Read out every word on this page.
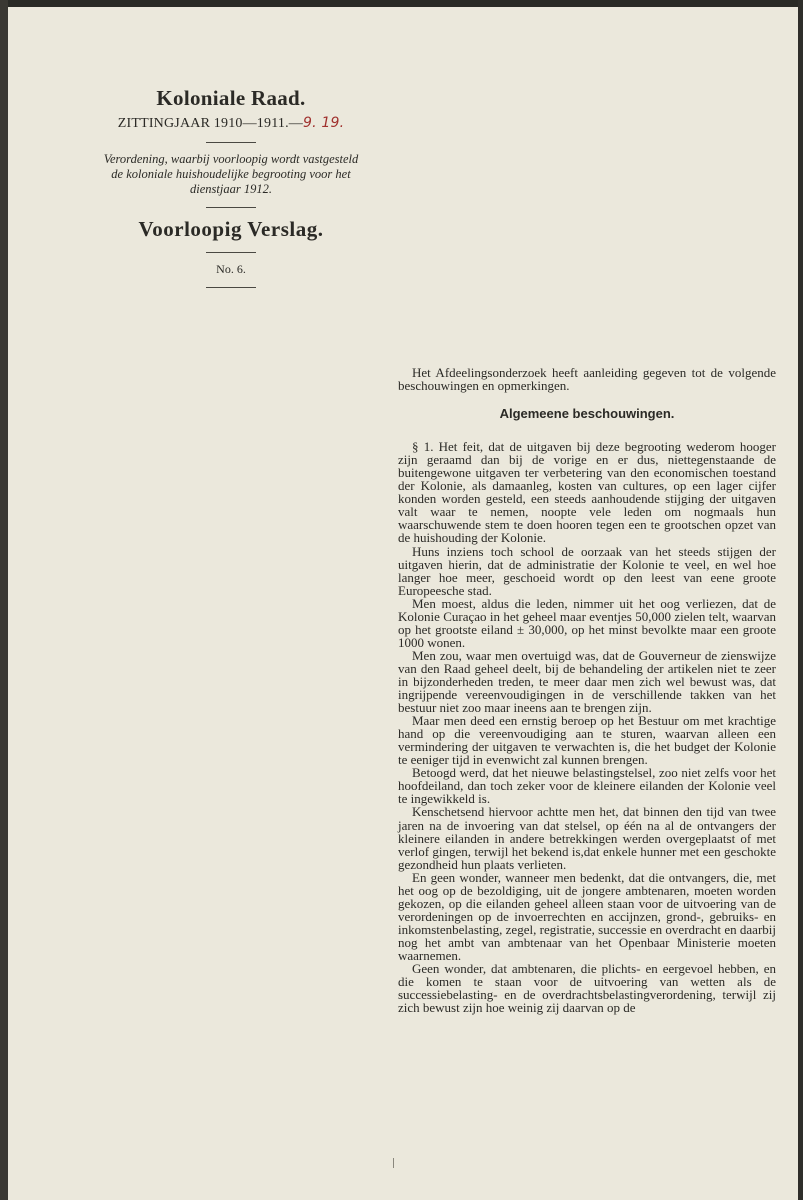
Koloniale Raad.
ZITTINGJAAR 1910—1911.—9. 19.
Verordening, waarbij voorloopig wordt vastgesteld de koloniale huishoudelijke begrooting voor het dienstjaar 1912.
Voorloopig Verslag.
No. 6.

Het Afdeelingsonderzoek heeft aanleiding gegeven tot de volgende beschouwingen en opmerkingen.

Algemeene beschouwingen.

§ 1. Het feit, dat de uitgaven bij deze begrooting wederom hooger zijn geraamd dan bij de vorige en er dus, niettegenstaande de buitengewone uitgaven ter verbetering van den economischen toestand der Kolonie, als damaanleg, kosten van cultures, op een lager cijfer konden worden gesteld, een steeds aanhoudende stijging der uitgaven valt waar te nemen, noopte vele leden om nogmaals hun waarschuwende stem te doen hooren tegen een te grootschen opzet van de huishouding der Kolonie.

Huns inziens toch school de oorzaak van het steeds stijgen der uitgaven hierin, dat de administratie der Kolonie te veel, en wel hoe langer hoe meer, geschoeid wordt op den leest van eene groote Europeesche stad.

Men moest, aldus die leden, nimmer uit het oog verliezen, dat de Kolonie Curaçao in het geheel maar eventjes 50,000 zielen telt, waarvan op het grootste eiland ± 30,000, op het minst bevolkte maar een groote 1000 wonen.

Men zou, waar men overtuigd was, dat de Gouverneur de zienswijze van den Raad geheel deelt, bij de behandeling der artikelen niet te zeer in bijzonderheden treden, te meer daar men zich wel bewust was, dat ingrijpende vereenvoudigingen in de verschillende takken van het bestuur niet zoo maar ineens aan te brengen zijn.

Maar men deed een ernstig beroep op het Bestuur om met krachtige hand op die vereenvoudiging aan te sturen, waarvan alleen een vermindering der uitgaven te verwachten is, die het budget der Kolonie te eeniger tijd in evenwicht zal kunnen brengen.

Betoogd werd, dat het nieuwe belastingstelsel, zoo niet zelfs voor het hoofdeiland, dan toch zeker voor de kleinere eilanden der Kolonie veel te ingewikkeld is.

Kenschetsend hiervoor achtte men het, dat binnen den tijd van twee jaren na de invoering van dat stelsel, op één na al de ontvangers der kleinere eilanden in andere betrekkingen werden overgeplaatst of met verlof gingen, terwijl het bekend is,dat enkele hunner met een geschokte gezondheid hun plaats verlieten.

En geen wonder, wanneer men bedenkt, dat die ontvangers, die, met het oog op de bezoldiging, uit de jongere ambtenaren, moeten worden gekozen, op die eilanden geheel alleen staan voor de uitvoering van de verordeningen op de invoerrechten en accijnzen, grond-, gebruiks- en inkomstenbelasting, zegel, registratie, successie en overdracht en daarbij nog het ambt van ambtenaar van het Openbaar Ministerie moeten waarnemen.

Geen wonder, dat ambtenaren, die plichts- en eergevoel hebben, en die komen te staan voor de uitvoering van wetten als de successiebelasting- en de overdrachtsbelastingverordening, terwijl zij zich bewust zijn hoe weinig zij daarvan op de
